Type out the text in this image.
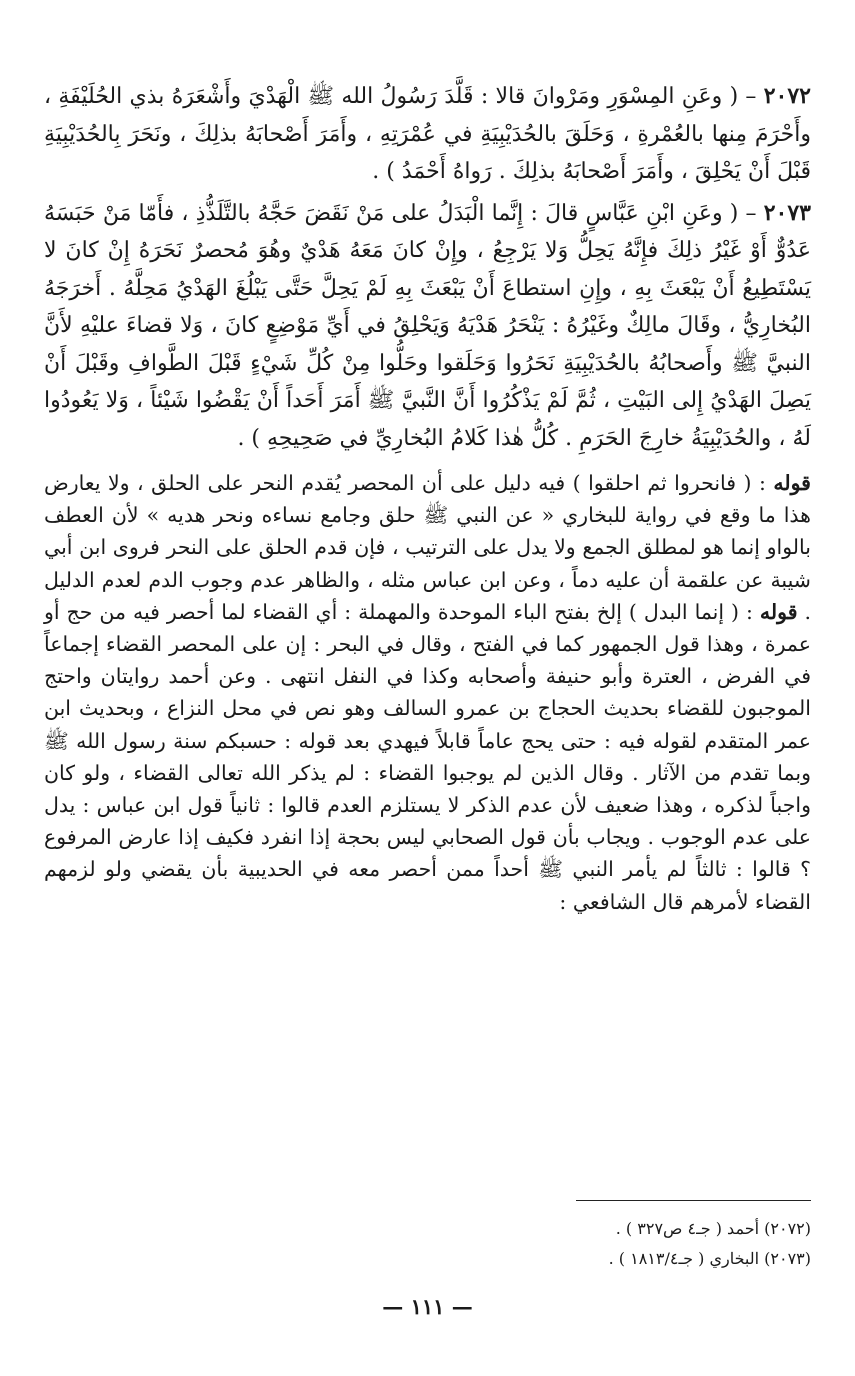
٢٠٧٢ – ( وعَنِ المِسْوَرِ ومَرْوانَ قالا : قَلَّدَ رَسُولُ الله ﷺ الْهَدْيَ وأَشْعَرَهُ بذي الحُلَيْفَةِ ، وأَحْرَمَ مِنها بالعُمْرةِ ، وَحَلَقَ بالحُدَيْبِيَةِ في عُمْرَتِهِ ، وأَمَرَ أَصْحابَهُ بذلِكَ ، ونَحَرَ بِالحُدَيْبِيَةِ قَبْلَ أَنْ يَحْلِقَ ، وأَمَرَ أَصْحابَهُ بذلِكَ . رَواهُ أَحْمَدُ ) .

٢٠٧٣ – ( وعَنِ ابْنِ عَبَّاسٍ قالَ : إِنَّما الْبَدَلُ على مَنْ نَقَضَ حَجَّهُ بالتَّلَذُّذِ ، فأَمّا مَنْ حَبَسَهُ عَدُوٌّ أَوْ غَيْرُ ذلِكَ فإِنَّهُ يَحِلُّ وَلا يَرْجِعُ ، وإِنْ كانَ مَعَهُ هَدْيٌ وهُوَ مُحصرٌ نَحَرَهُ إِنْ كانَ لا يَسْتَطِيعُ أَنْ يَبْعَثَ بِهِ ، وإِنِ استطاعَ أَنْ يَبْعَثَ بِهِ لَمْ يَحِلَّ حَتَّى يَبْلُغَ الهَدْيُ مَحِلَّهُ . أَخرَجَهُ البُخارِيُّ ، وقَالَ مالِكٌ وغَيْرُهُ : يَنْحَرُ هَدْيَهُ وَيَحْلِقُ في أَيِّ مَوْضِعٍ كانَ ، وَلا قضاءَ عليْهِ لأَنَّ النبيَّ ﷺ وأَصحابُهُ بالحُدَيْبِيَةِ نَحَرُوا وَحَلَقوا وحَلُّوا مِنْ كُلِّ شَيْءٍ قَبْلَ الطَّوافِ وقَبْلَ أَنْ يَصِلَ الهَدْيُ إِلى البَيْتِ ، ثُمَّ لَمْ يَذْكُرُوا أَنَّ النَّبيَّ ﷺ أَمَرَ أَحَداً أَنْ يَقْضُوا شَيْئاً ، وَلا يَعُودُوا لَهُ ، والحُدَيْبِيَةُ خارِجَ الحَرَمِ . كُلُّ هٰذا كَلامُ البُخارِيِّ في صَحِيحِهِ ) .

قوله : ( فانحروا ثم احلقوا ) فيه دليل على أن المحصر يُقدم النحر على الحلق ، ولا يعارض هذا ما وقع في رواية للبخاري « عن النبي ﷺ حلق وجامع نساءه ونحر هديه » لأن العطف بالواو إنما هو لمطلق الجمع ولا يدل على الترتيب ، فإن قدم الحلق على النحر فروى ابن أبي شيبة عن علقمة أن عليه دماً ، وعن ابن عباس مثله ، والظاهر عدم وجوب الدم لعدم الدليل . قوله : ( إنما البدل ) إلخ بفتح الباء الموحدة والمهملة : أي القضاء لما أحصر فيه من حج أو عمرة ، وهذا قول الجمهور كما في الفتح ، وقال في البحر : إن على المحصر القضاء إجماعاً في الفرض ، العترة وأبو حنيفة وأصحابه وكذا في النفل انتهى . وعن أحمد روايتان واحتج الموجبون للقضاء بحديث الحجاج بن عمرو السالف وهو نص في محل النزاع ، وبحديث ابن عمر المتقدم لقوله فيه : حتى يحج عاماً قابلاً فيهدي بعد قوله : حسبكم سنة رسول الله ﷺ وبما تقدم من الآثار . وقال الذين لم يوجبوا القضاء : لم يذكر الله تعالى القضاء ، ولو كان واجباً لذكره ، وهذا ضعيف لأن عدم الذكر لا يستلزم العدم قالوا : ثانياً قول ابن عباس : يدل على عدم الوجوب . ويجاب بأن قول الصحابي ليس بحجة إذا انفرد فكيف إذا عارض المرفوع ؟ قالوا : ثالثاً لم يأمر النبي ﷺ أحداً ممن أحصر معه في الحديبية بأن يقضي ولو لزمهم القضاء لأمرهم قال الشافعي :

(٢٠٧٢) أحمد ( جـ٤ ص٣٢٧ ) .
(٢٠٧٣) البخاري ( جـ١٨١٣/٤ ) .
— ١١١ —
